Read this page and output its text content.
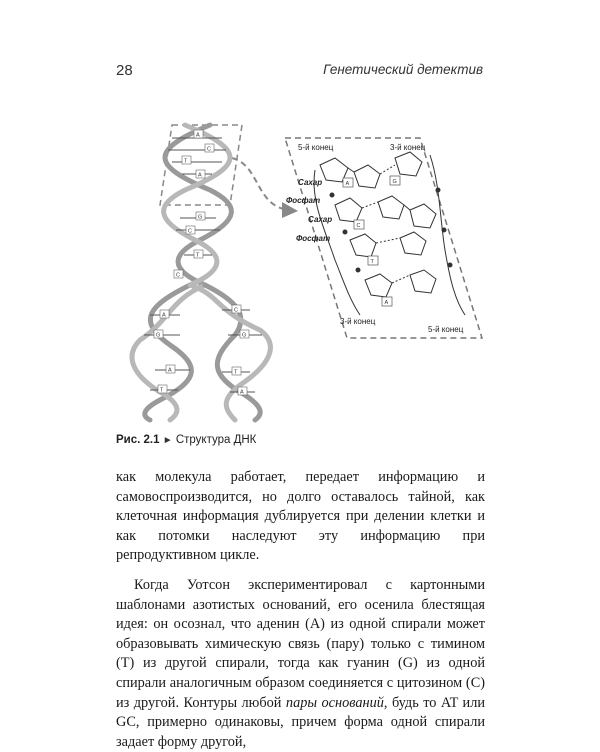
28	Генетический детектив
A
C
T
A
G
C
T
A
G
A
T
C
G
T
A
C
A	G
C
T
A
5-й конец	3-й конец
Сахар
Фосфат
Сахар
Фосфат
3-й конец
5-й конец
Рис. 2.1 ► Структура ДНК

как молекула работает, передает информацию и самовоспроизводится, но долго оставалось тайной, как клеточная информация дублируется при делении клетки и как потомки наследуют эту информацию при репродуктивном цикле.

Когда Уотсон экспериментировал с картонными шаблонами азотистых оснований, его осенила блестящая идея: он осознал, что аденин (А) из одной спирали может образовывать химическую связь (пару) только с тимином (Т) из другой спирали, тогда как гуанин (G) из одной спирали аналогичным образом соединяется с цитозином (С) из другой. Контуры любой пары оснований, будь то AT или GC, примерно одинаковы, причем форма одной спирали задает форму другой,
